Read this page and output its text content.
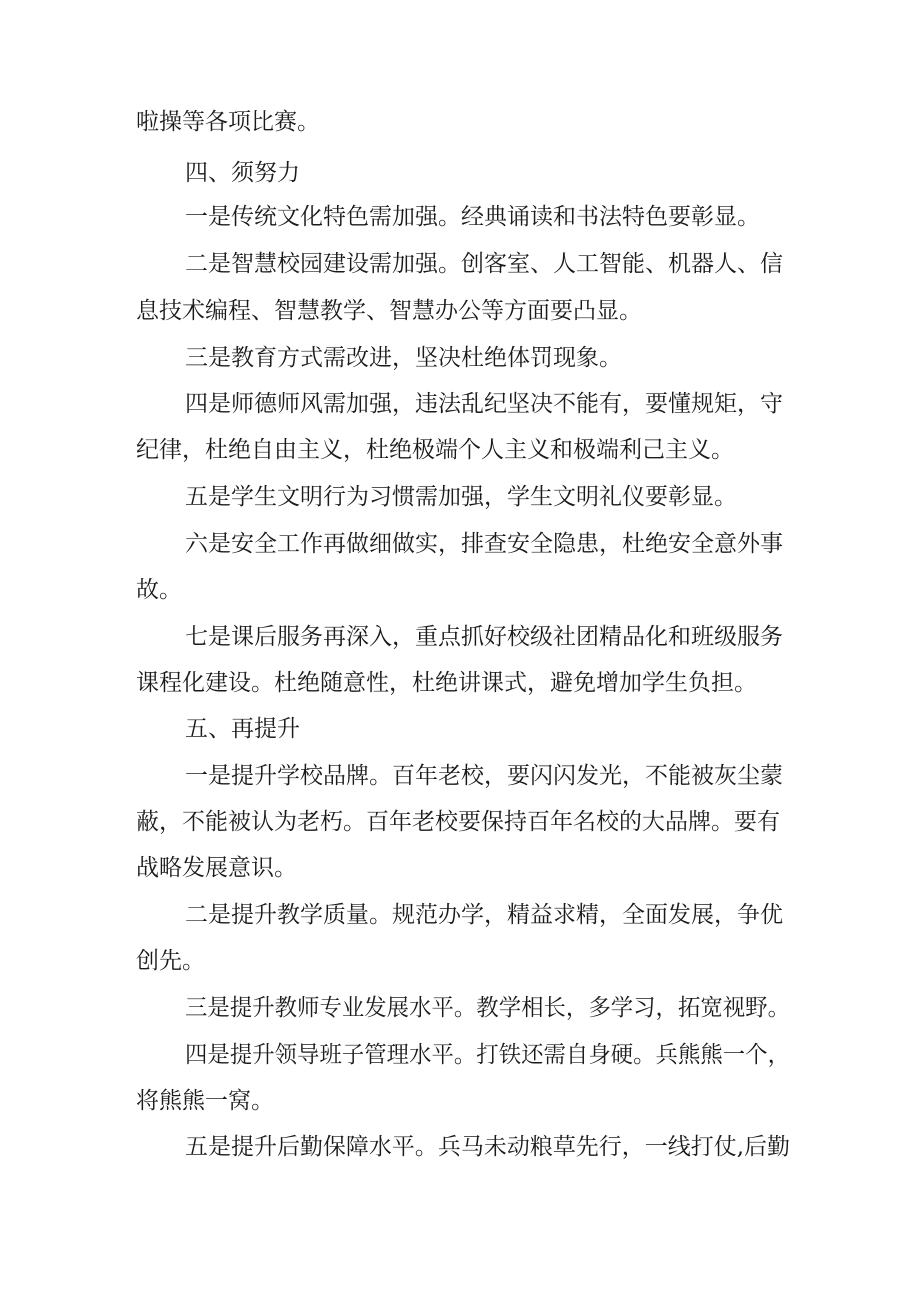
啦操等各项比赛。
四、须努力
一是传统文化特色需加强。经典诵读和书法特色要彰显。
二是智慧校园建设需加强。创客室、人工智能、机器人、信
息技术编程、智慧教学、智慧办公等方面要凸显。
三是教育方式需改进，坚决杜绝体罚现象。
四是师德师风需加强，违法乱纪坚决不能有，要懂规矩，守
纪律，杜绝自由主义，杜绝极端个人主义和极端利己主义。
五是学生文明行为习惯需加强，学生文明礼仪要彰显。
六是安全工作再做细做实，排查安全隐患，杜绝安全意外事
故。
七是课后服务再深入，重点抓好校级社团精品化和班级服务
课程化建设。杜绝随意性，杜绝讲课式，避免增加学生负担。
五、再提升
一是提升学校品牌。百年老校，要闪闪发光，不能被灰尘蒙
蔽，不能被认为老朽。百年老校要保持百年名校的大品牌。要有
战略发展意识。
二是提升教学质量。规范办学，精益求精，全面发展，争优
创先。
三是提升教师专业发展水平。教学相长，多学习，拓宽视野。
四是提升领导班子管理水平。打铁还需自身硬。兵熊熊一个，
将熊熊一窝。
五是提升后勤保障水平。兵马未动粮草先行，一线打仗,后勤
